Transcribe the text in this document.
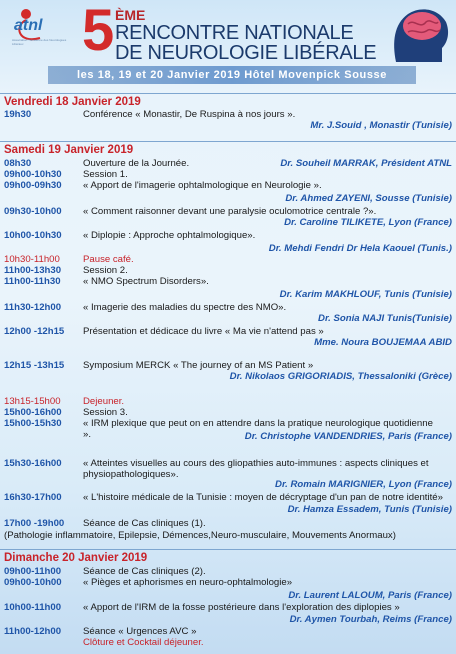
atnl
Association Tunisienne des Neurologues Libéraux	5 ÈME
RENCONTRE NATIONALE
DE NEUROLOGIE LIBÉRALE
les 18, 19 et 20 Janvier 2019 Hôtel Movenpick Sousse
Vendredi 18 Janvier 2019
19h30	Conférence « Monastir, De Ruspina à nos jours ».
Mr. J.Souid , Monastir (Tunisie)
Samedi 19 Janvier 2019
08h30	Ouverture de la Journée.	Dr. Souheil MARRAK, Président ATNL
09h00-10h30 Session 1.
09h00-09h30 « Apport de l'imagerie ophtalmologique en Neurologie ».
Dr. Ahmed ZAYENI, Sousse (Tunisie)
09h30-10h00 « Comment raisonner devant une paralysie oculomotrice centrale ?».
Dr. Caroline TILIKETE, Lyon (France)
10h00-10h30 « Diplopie : Approche ophtalmologique».
Dr. Mehdi Fendri Dr Hela Kaouel (Tunis.)
10h30-11h00 Pause café.
11h00-13h30 Session 2.
11h00-11h30 « NMO Spectrum Disorders».
Dr. Karim MAKHLOUF, Tunis (Tunisie)
11h30-12h00 « Imagerie des maladies du spectre des NMO».
Dr. Sonia NAJI Tunis(Tunisie)
12h00 -12h15 Présentation et dédicace du livre « Ma vie n'attend pas »
Mme. Noura BOUJEMAA ABID
12h15 -13h15 Symposium MERCK « The journey of an MS Patient »
Dr. Nikolaos GRIGORIADIS, Thessaloniki (Grèce)
13h15-15h00 Dejeuner.
15h00-16h00 Session 3.
15h00-15h30 « IRM plexique que peut on en attendre dans la pratique neurologique quotidienne ».	Dr. Christophe VANDENDRIES, Paris (France)
15h30-16h00 « Atteintes visuelles au cours des gliopathies auto-immunes : aspects cliniques et physiopathologiques».
Dr. Romain MARIGNIER, Lyon (France)
16h30-17h00 « L'histoire médicale de la Tunisie : moyen de décryptage d'un pan de notre identité»
Dr. Hamza Essadem, Tunis (Tunisie)
17h00 -19h00 Séance de Cas cliniques (1).
(Pathologie inflammatoire, Epilepsie, Démences,Neuro-musculaire, Mouvements Anormaux)
Dimanche 20 Janvier 2019
09h00-11h00 Séance de Cas cliniques (2).
09h00-10h00 « Pièges et aphorismes en neuro-ophtalmologie»
Dr. Laurent LALOUM, Paris (France)
10h00-11h00 « Apport de l'IRM de la fosse postérieure dans l'exploration des diplopies »
Dr. Aymen Tourbah, Reims (France)
11h00-12h00 Séance « Urgences AVC »
Clôture et Cocktail déjeuner.
